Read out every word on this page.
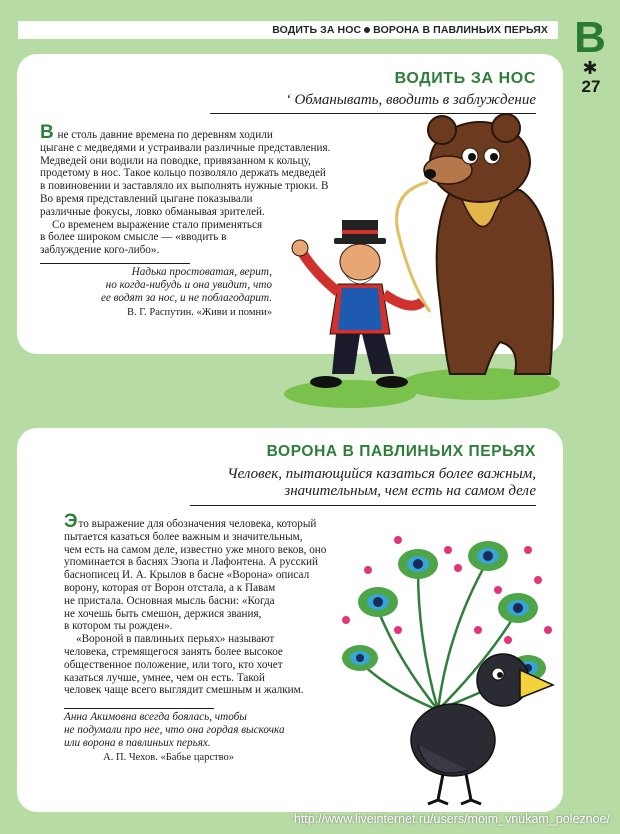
ВОДИТЬ ЗА НОС ВОРОНА В ПАВЛИНЬИХ ПЕРЬЯХ В
✱
27
ВОДИТЬ ЗА НОС
‘ Обманывать, вводить в заблуждение
В не столь давние времена по деревням ходили
цыгане с медведями и устраивали различные представления.
Медведей они водили на поводке, привязанном к кольцу,
продетому в нос. Такое кольцо позволяло держать медведей
в повиновении и заставляло их выполнять нужные трюки. В
Во время представлений цыгане показывали
различные фокусы, ловко обманывая зрителей.
Со временем выражение стало применяться
в более широком смысле — «вводить в
заблуждение кого-либо».
Надька простоватая, верит,
но когда-нибудь и она увидит, что
ее водят за нос, и не поблагодарит.
В. Г. Распутин. «Живи и помни»
ВОРОНА В ПАВЛИНЬИХ ПЕРЬЯХ
Человек, пытающийся казаться более важным,
значительным, чем есть на самом деле
Это выражение для обозначения человека, который
пытается казаться более важным и значительным,
чем есть на самом деле, известно уже много веков, оно
упоминается в баснях Эзопа и Лафонтена. А русский
баснописец И. А. Крылов в басне «Ворона» описал
ворону, которая от Ворон отстала, а к Павам
не пристала. Основная мысль басни: «Когда
не хочешь быть смешон, держися звания,
в котором ты рожден».
«Вороной в павлиньих перьях» называют
человека, стремящегося занять более высокое
общественное положение, или того, кто хочет
казаться лучше, умнее, чем он есть. Такой
человек чаще всего выглядит смешным и жалким.
Анна Акимовна всегда боялась, чтобы
не подумали про нее, что она гордая выскочка
или ворона в павлиньих перьях.
А. П. Чехов. «Бабье царство»
http://www.liveinternet.ru/users/moim_vnukam_poleznoe/
